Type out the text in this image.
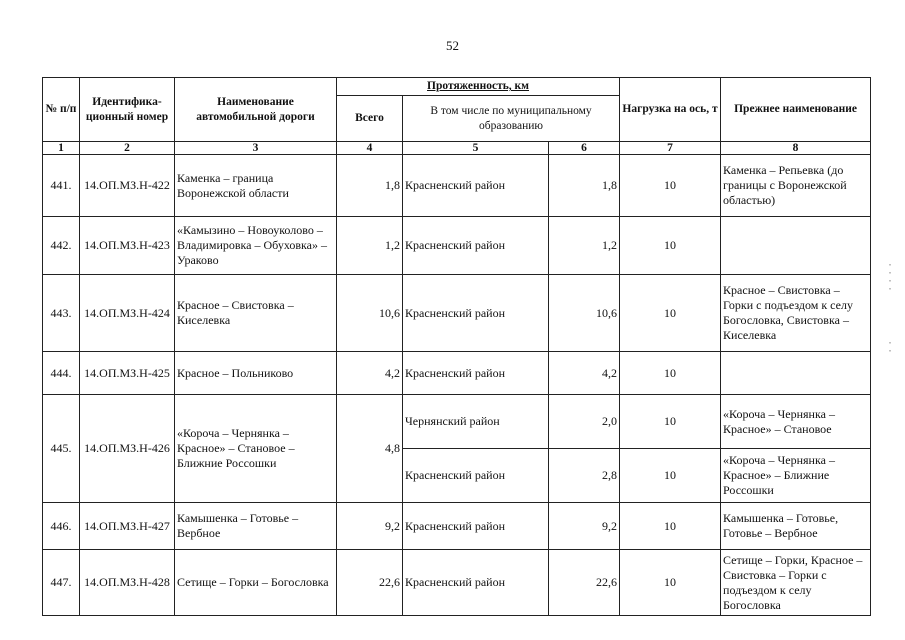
52
№ п/п	Идентифика-ционный номер	Наименование автомобильной дороги	Протяженность, км			Нагрузка на ось, т	Прежнее наименование
			Всего	В том числе по муниципальному образованию			
1	2	3	4	5	6	7	8
441.	14.ОП.МЗ.Н-422	Каменка – граница Воронежской области	1,8	Красненский район	1,8	10	Каменка – Репьевка (до границы с Воронежской областью)
442.	14.ОП.МЗ.Н-423	«Камызино – Новоуколово – Владимировка – Обуховка» – Ураково	1,2	Красненский район	1,2	10	
443.	14.ОП.МЗ.Н-424	Красное – Свистовка – Киселевка	10,6	Красненский район	10,6	10	Красное – Свистовка – Горки с подъездом к селу Богословка, Свистовка – Киселевка
444.	14.ОП.МЗ.Н-425	Красное – Польниково	4,2	Красненский район	4,2	10	
445.	14.ОП.МЗ.Н-426	«Короча – Чернянка – Красное» – Становое – Ближние Россошки	4,8	Чернянский район	2,0	10	«Короча – Чернянка – Красное» – Становое
				Красненский район	2,8	10	«Короча – Чернянка – Красное» – Ближние Россошки
446.	14.ОП.МЗ.Н-427	Камышенка – Готовье – Вербное	9,2	Красненский район	9,2	10	Камышенка – Готовье, Готовье – Вербное
447.	14.ОП.МЗ.Н-428	Сетище – Горки – Богословка	22,6	Красненский район	22,6	10	Сетище – Горки, Красное – Свистовка – Горки с подъездом к селу Богословка
·
·
·
·
·
·
